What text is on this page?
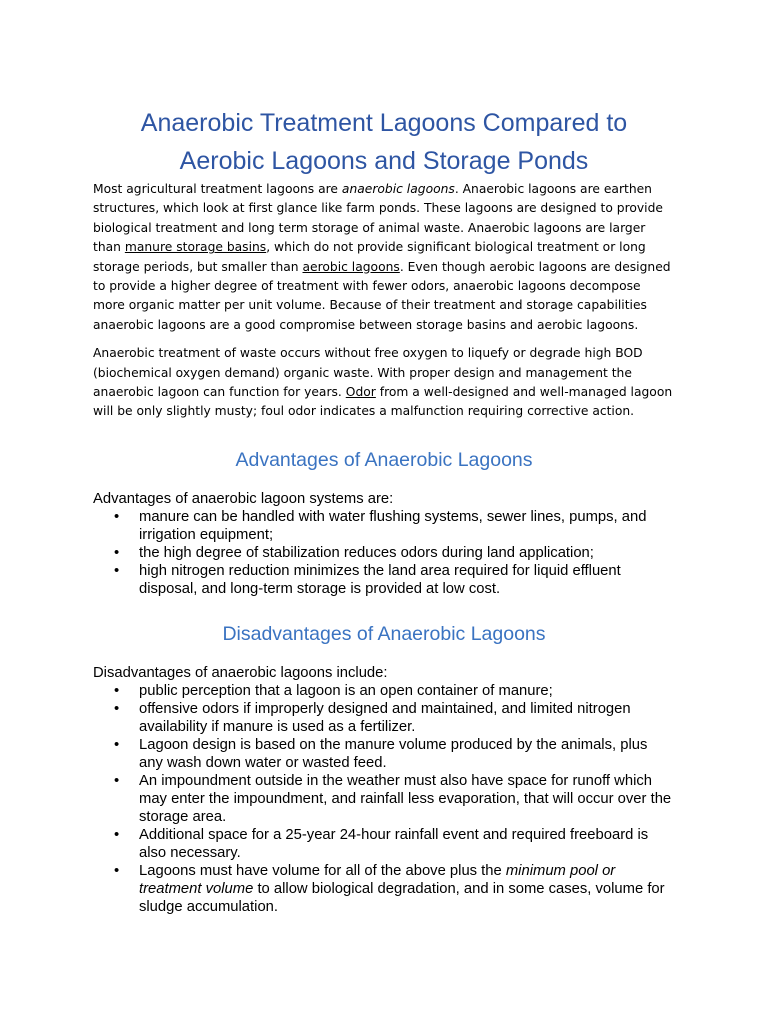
Anaerobic Treatment Lagoons Compared to
Aerobic Lagoons and Storage Ponds

Most agricultural treatment lagoons are anaerobic lagoons. Anaerobic lagoons are earthen structures, which look at first glance like farm ponds. These lagoons are designed to provide biological treatment and long term storage of animal waste. Anaerobic lagoons are larger than manure storage basins, which do not provide significant biological treatment or long storage periods, but smaller than aerobic lagoons. Even though aerobic lagoons are designed to provide a higher degree of treatment with fewer odors, anaerobic lagoons decompose more organic matter per unit volume. Because of their treatment and storage capabilities anaerobic lagoons are a good compromise between storage basins and aerobic lagoons.

Anaerobic treatment of waste occurs without free oxygen to liquefy or degrade high BOD (biochemical oxygen demand) organic waste. With proper design and management the anaerobic lagoon can function for years. Odor from a well-designed and well-managed lagoon will be only slightly musty; foul odor indicates a malfunction requiring corrective action.

Advantages of Anaerobic Lagoons

Advantages of anaerobic lagoon systems are:

• manure can be handled with water flushing systems, sewer lines, pumps, and irrigation equipment;
• the high degree of stabilization reduces odors during land application;
• high nitrogen reduction minimizes the land area required for liquid effluent disposal, and long-term storage is provided at low cost.
Disadvantages of Anaerobic Lagoons

Disadvantages of anaerobic lagoons include:

• public perception that a lagoon is an open container of manure;
• offensive odors if improperly designed and maintained, and limited nitrogen availability if manure is used as a fertilizer.
• Lagoon design is based on the manure volume produced by the animals, plus any wash down water or wasted feed.
• An impoundment outside in the weather must also have space for runoff which may enter the impoundment, and rainfall less evaporation, that will occur over the storage area.
• Additional space for a 25-year 24-hour rainfall event and required freeboard is also necessary.
• Lagoons must have volume for all of the above plus the minimum pool or treatment volume to allow biological degradation, and in some cases, volume for sludge accumulation.
